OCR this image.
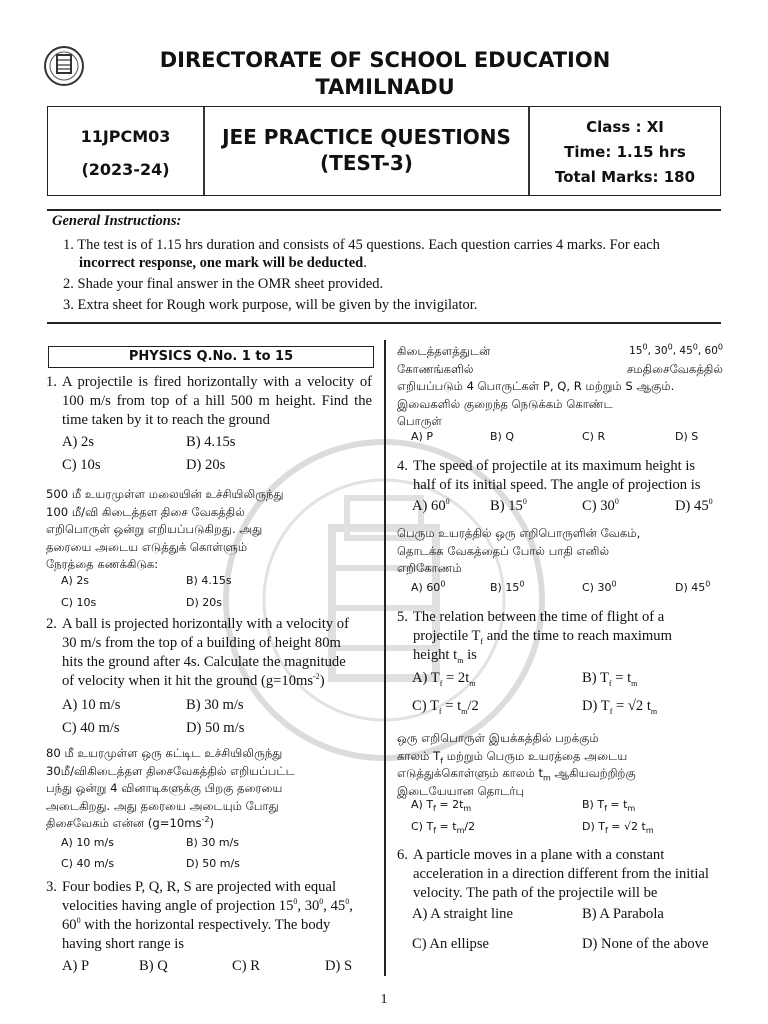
DIRECTORATE OF SCHOOL EDUCATION
TAMILNADU
11JPCM03
(2023-24)
JEE PRACTICE QUESTIONS
(TEST-3)
Class : XI
Time: 1.15 hrs
Total Marks: 180
General Instructions:
1. The test is of 1.15 hrs duration and consists of 45 questions. Each question carries 4 marks. For each
incorrect response, one mark will be deducted.
2. Shade your final answer in the OMR sheet provided.
3. Extra sheet for Rough work purpose, will be given by the invigilator.
PHYSICS Q.No. 1 to 15
1. A projectile is fired horizontally with a velocity of 100 m/s from top of a hill 500 m height. Find the time taken by it to reach the ground
A) 2s	B) 4.15s
C) 10s	D) 20s
500 மீ உயரமுள்ள மலையின் உச்சியிலிருந்து
100 மீ/வி கிடைத்தள திசை வேகத்தில்
எறிபொருள் ஒன்று எறியப்படுகிறது. அது
தரையை அடைய எடுத்துக் கொள்ளும்
நேரத்தை கணக்கிடுக:
A) 2s	B) 4.15s
C) 10s	D) 20s
2. A ball is projected horizontally with a velocity of
30 m/s from the top of a building of height 80m
hits the ground after 4s. Calculate the magnitude
of velocity when it hit the ground $(g=10ms^{-2})$
A) 10 m/s	B) 30 m/s
C) 40 m/s	D) 50 m/s
80 மீ உயரமுள்ள ஒரு கட்டிட உச்சியிலிருந்து
30மீ/விகிடைத்தள திசைவேகத்தில் எறியப்பட்ட
பந்து ஒன்று 4 வினாடிகளுக்கு பிறகு தரையை
அடைகிறது. அது தரையை அடையும் போது
திசைவேகம் என்ன $(g=10ms^{-2})$
A) 10 m/s	B) 30 m/s
C) 40 m/s	D) 50 m/s
3. Four bodies P, Q, R, S are projected with equal
velocities having angle of projection $15^0$, $30^0$, $45^0$,
$60^0$ with the horizontal respectively. The body
having short range is
A) P	B) Q	C) R	D) S
கிடைத்தளத்துடன்	$15^0$, $30^0$, $45^0$, $60^0$
கோணங்களில்	சமதிசைவேகத்தில்
எறியப்படும் 4 பொருட்கள் P, Q, R மற்றும் S ஆகும்.
இவைகளில் குறைந்த நெடுக்கம் கொண்ட
பொருள்
A) P	B) Q	C) R	D) S
4. The speed of projectile at its maximum height is
half of its initial speed. The angle of projection is
A) $60^0$	B) $15^0$	C) $30^0$	D) $45^0$
பெரும உயரத்தில் ஒரு எறிபொருளின் வேகம்,
தொடக்க வேகத்தைப் போல் பாதி எனில்
எறிகோணம்
A) $60^0$	B) $15^0$	C) $30^0$	D) $45^0$
5. The relation between the time of flight of a
projectile $T_f$ and the time to reach maximum
height $t_m$ is
A) $T_f = 2t_m$	B) $T_f = t_m$
C) $T_f = t_m/2$	D) $T_f = √2$ $t_m$
ஒரு எறிபொருள் இயக்கத்தில் பறக்கும்
காலம் $T_f$ மற்றும் பெரும உயரத்தை அடைய
எடுத்துக்கொள்ளும் காலம் $t_m$ ஆகியவற்றிற்கு
இடையேயான தொடர்பு
A) $T_f = 2t_m$	B) $T_f = t_m$
C) $T_f = t_m/2$	D) $T_f = √2$ $t_m$
6. A particle moves in a plane with a constant
acceleration in a direction different from the initial
velocity. The path of the projectile will be
A) A straight line	B) A Parabola
C) An ellipse	D) None of the above
1
